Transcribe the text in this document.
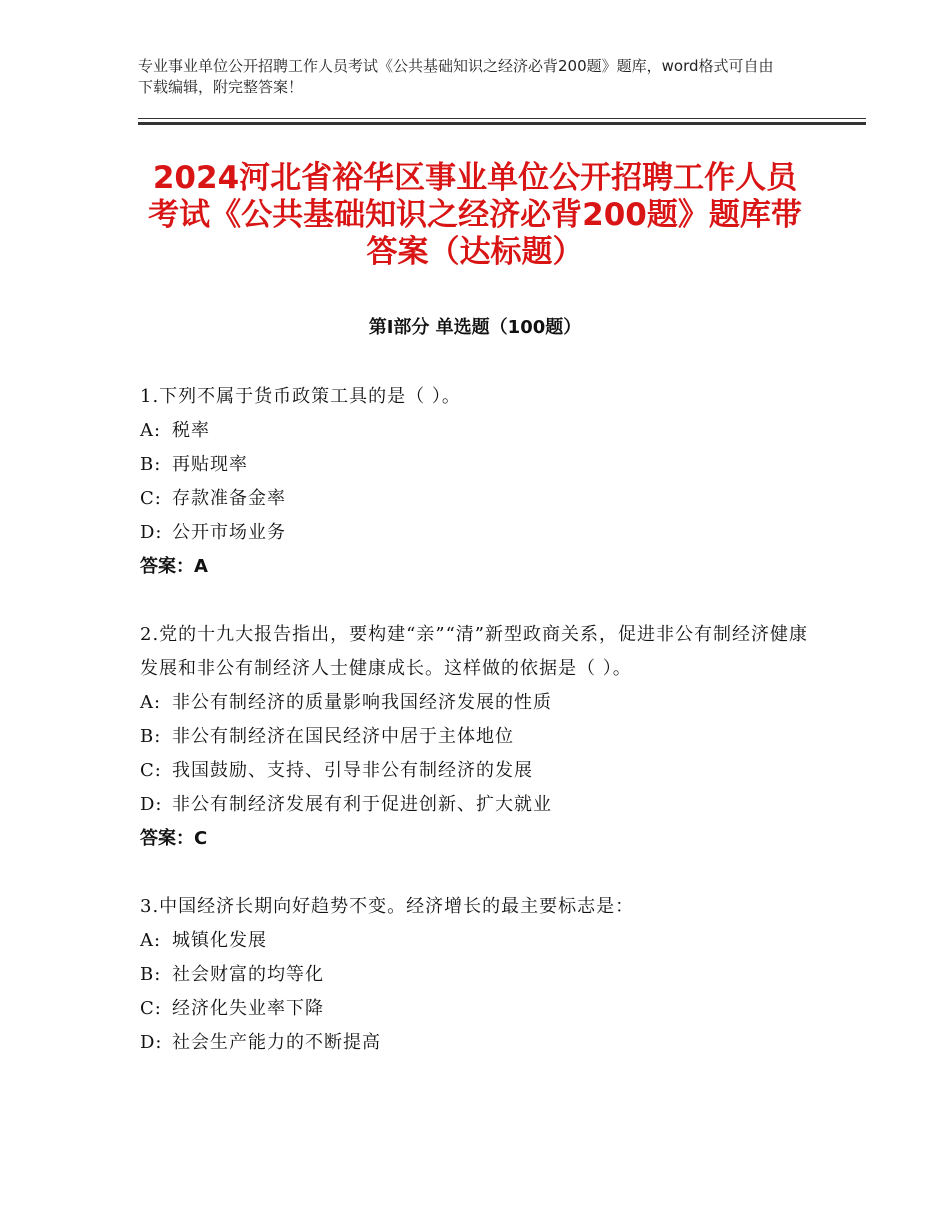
专业事业单位公开招聘工作人员考试《公共基础知识之经济必背200题》题库，word格式可自由下载编辑，附完整答案！
2024河北省裕华区事业单位公开招聘工作人员考试《公共基础知识之经济必背200题》题库带答案（达标题）
第Ⅰ部分 单选题（100题）
1.下列不属于货币政策工具的是（ ）。
A: 税率
B: 再贴现率
C: 存款准备金率
D: 公开市场业务
答案：A
2.党的十九大报告指出，要构建“亲”“清”新型政商关系，促进非公有制经济健康发展和非公有制经济人士健康成长。这样做的依据是（ ）。
A: 非公有制经济的质量影响我国经济发展的性质
B: 非公有制经济在国民经济中居于主体地位
C: 我国鼓励、支持、引导非公有制经济的发展
D: 非公有制经济发展有利于促进创新、扩大就业
答案：C
3.中国经济长期向好趋势不变。经济增长的最主要标志是：
A: 城镇化发展
B: 社会财富的均等化
C: 经济化失业率下降
D: 社会生产能力的不断提高
